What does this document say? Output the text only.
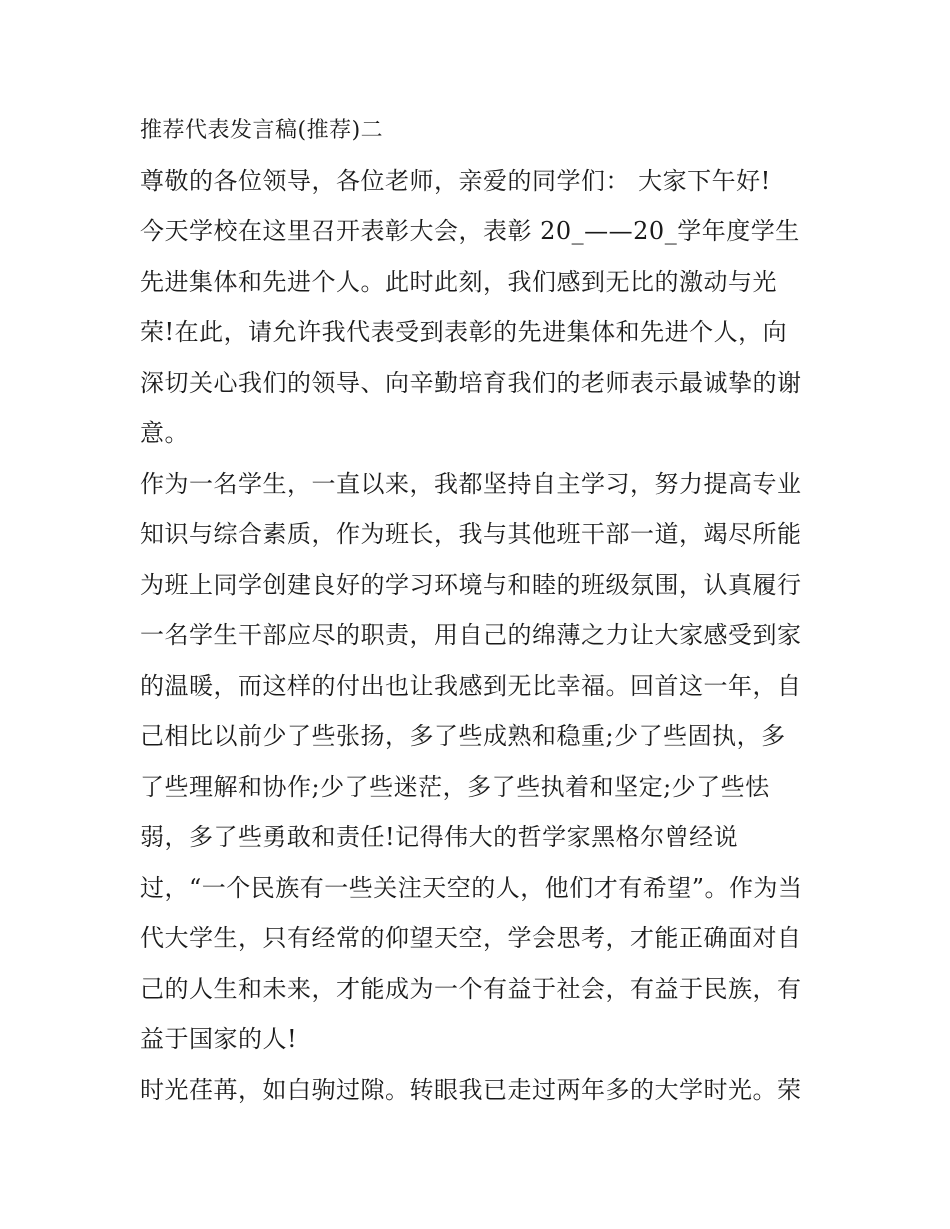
推荐代表发言稿(推荐)二
尊敬的各位领导，各位老师，亲爱的同学们： 大家下午好!
今天学校在这里召开表彰大会，表彰 20_——20_学年度学生
先进集体和先进个人。此时此刻，我们感到无比的激动与光
荣!在此，请允许我代表受到表彰的先进集体和先进个人，向
深切关心我们的领导、向辛勤培育我们的老师表示最诚挚的谢
意。
作为一名学生，一直以来，我都坚持自主学习，努力提高专业
知识与综合素质，作为班长，我与其他班干部一道，竭尽所能
为班上同学创建良好的学习环境与和睦的班级氛围，认真履行
一名学生干部应尽的职责，用自己的绵薄之力让大家感受到家
的温暖，而这样的付出也让我感到无比幸福。回首这一年，自
己相比以前少了些张扬，多了些成熟和稳重;少了些固执，多
了些理解和协作;少了些迷茫，多了些执着和坚定;少了些怯
弱，多了些勇敢和责任!记得伟大的哲学家黑格尔曾经说
过，“一个民族有一些关注天空的人，他们才有希望”。作为当
代大学生，只有经常的仰望天空，学会思考，才能正确面对自
己的人生和未来，才能成为一个有益于社会，有益于民族，有
益于国家的人!
时光荏苒，如白驹过隙。转眼我已走过两年多的大学时光。荣
